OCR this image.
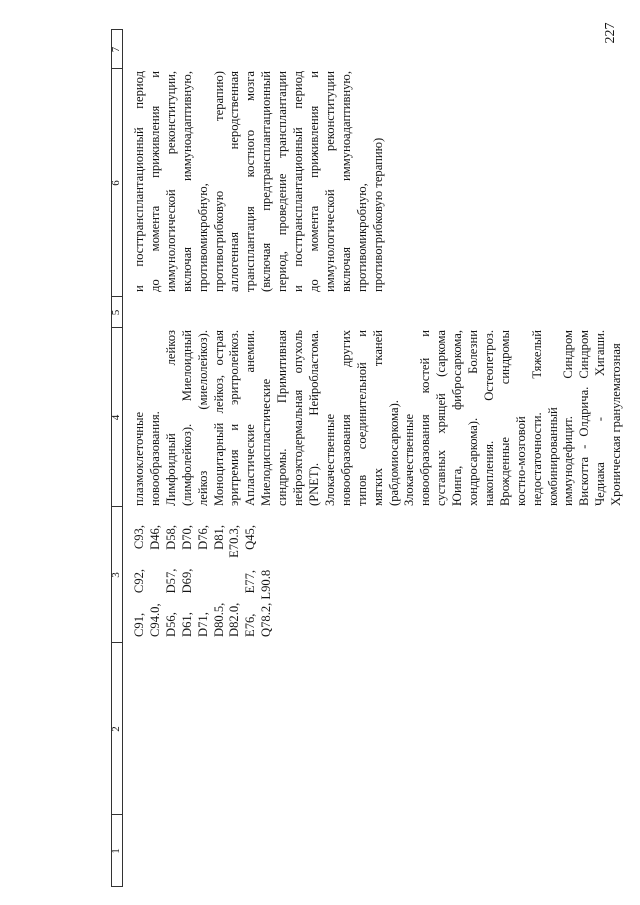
227
1
2
3
4
5
6
7
C91, C92, C93, C94.0, D46, D56, D57, D58, D61, D69, D70, D71, D76, D80.5, D81, D82.0, E70.3, E76, E77, Q45, Q78.2, L90.8
плазмоклеточные новообразования. Лимфоидный лейкоз (лимфолейкоз). Миелоидный лейкоз (миелолейкоз). Моноцитарный лейкоз, острая эритремия и эритролейкоз. Апластические анемии. Миелодиспластические синдромы. Примитивная нейроэктодермальная опухоль (PNET). Нейробластома. Злокачественные новообразования других типов соединительной и мягких тканей (рабдомиосаркома). Злокачественные новообразования костей и суставных хрящей (саркома Юинга, фибросаркома, хондросаркома). Болезни накопления. Остеопетроз. Врожденные синдромы костно-мозговой недостаточности. Тяжелый комбинированный иммунодефицит. Синдром Вискотта - Олдрича. Синдром Чедиака - Хигаши. Хроническая гранулематозная
и посттрансплантационный период до момента приживления и иммунологической реконституции, включая иммуноадаптивную, противомикробную, противогрибковую терапию) аллогенная неродственная трансплантация костного мозга (включая предтрансплантационный период, проведение трансплантации и посттрансплантационный период до момента приживления и иммунологической реконституции включая иммуноадаптивную, противомикробную, противогрибковую терапию)
